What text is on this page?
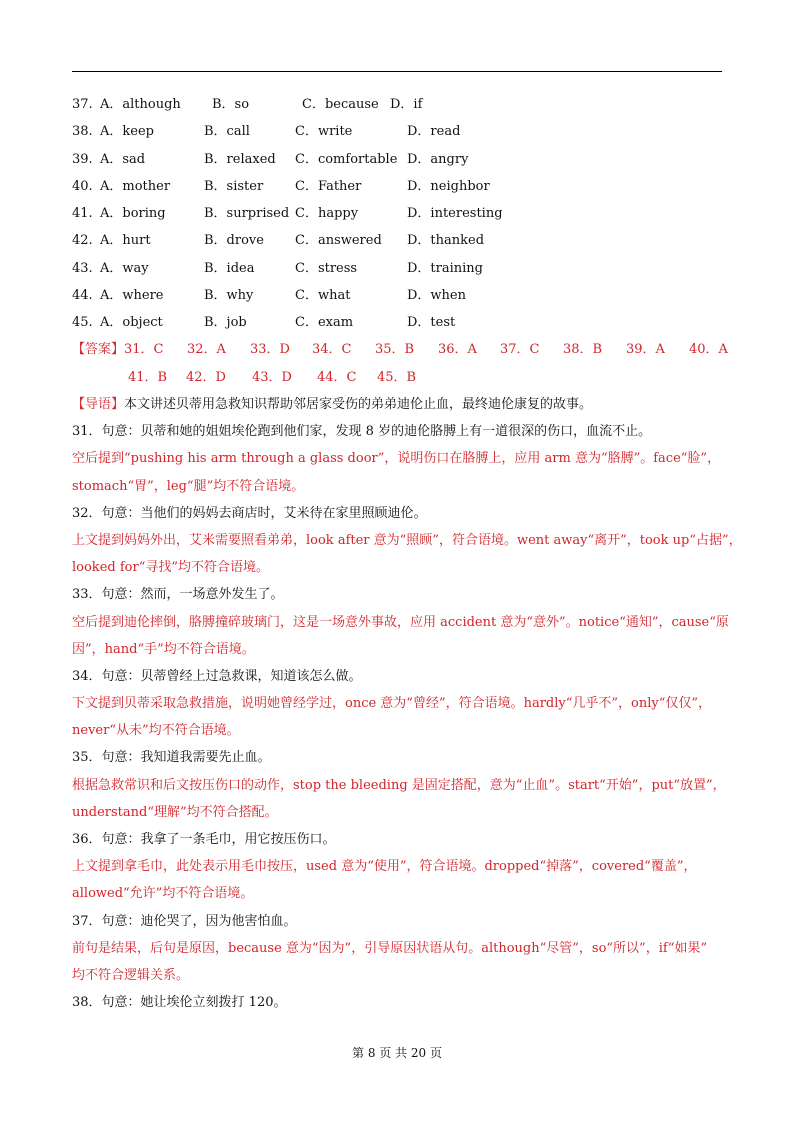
37. A．although B．so	C．because D．if
38. A．keep	B．call	C．write	D．read
39. A．sad	B．relaxed C．comfortable D．angry
40. A．mother	B．sister C．Father	D．neighbor
41. A．boring	B．surprised C．happy	D．interesting
42. A．hurt	B．drove C．answered D．thanked
43. A．way	B．idea	C．stress	D．training
44. A．where	B．why	C．what	D．when
45. A．object	B．job	C．exam	D．test
【答案】31．C 32．A 33．D 34．C 35．B 36．A 37．C 38．B 39．A 40．A
41．B 42．D 43．D 44．C 45．B
【导语】本文讲述贝蒂用急救知识帮助邻居家受伤的弟弟迪伦止血，最终迪伦康复的故事。
31．句意：贝蒂和她的姐姐埃伦跑到他们家，发现 8 岁的迪伦胳膊上有一道很深的伤口，血流不止。
空后提到“pushing his arm through a glass door”，说明伤口在胳膊上，应用 arm 意为“胳膊”。face“脸”，
stomach“胃”，leg“腿”均不符合语境。
32．句意：当他们的妈妈去商店时，艾米待在家里照顾迪伦。
上文提到妈妈外出，艾米需要照看弟弟，look after 意为“照顾”，符合语境。went away“离开”，took up“占据”，
looked for“寻找”均不符合语境。
33．句意：然而，一场意外发生了。
空后提到迪伦摔倒，胳膊撞碎玻璃门，这是一场意外事故，应用 accident 意为“意外”。notice“通知”，cause“原
因”，hand“手”均不符合语境。
34．句意：贝蒂曾经上过急救课，知道该怎么做。
下文提到贝蒂采取急救措施，说明她曾经学过，once 意为“曾经”，符合语境。hardly“几乎不”，only“仅仅”，
never“从未”均不符合语境。
35．句意：我知道我需要先止血。
根据急救常识和后文按压伤口的动作，stop the bleeding 是固定搭配，意为“止血”。start“开始”，put“放置”，
understand“理解”均不符合搭配。
36．句意：我拿了一条毛巾，用它按压伤口。
上文提到拿毛巾，此处表示用毛巾按压，used 意为“使用”，符合语境。dropped“掉落”，covered“覆盖”，
allowed“允许”均不符合语境。
37．句意：迪伦哭了，因为他害怕血。
前句是结果，后句是原因，because 意为“因为”，引导原因状语从句。although“尽管”，so“所以”，if“如果”
均不符合逻辑关系。
38．句意：她让埃伦立刻拨打 120。
第 8 页 共 20 页
